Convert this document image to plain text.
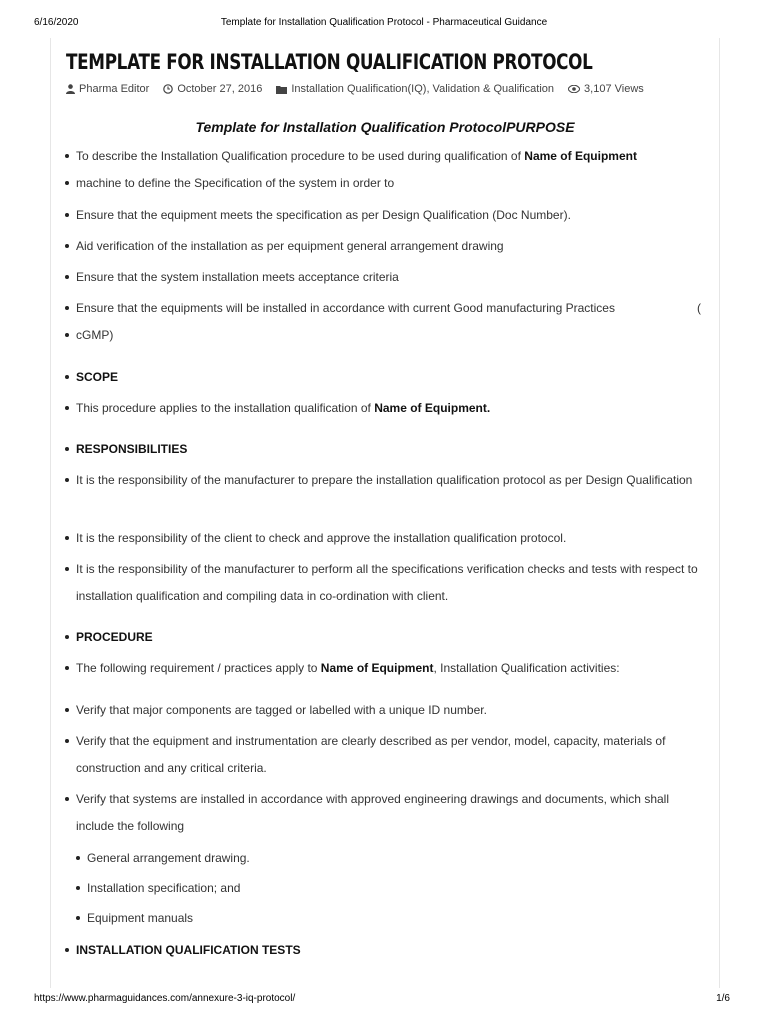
6/16/2020	Template for Installation Qualification Protocol - Pharmaceutical Guidance
TEMPLATE FOR INSTALLATION QUALIFICATION PROTOCOL
Pharma Editor	October 27, 2016	Installation Qualification(IQ), Validation & Qualification	3,107 Views
Template for Installation Qualification ProtocolPURPOSE
To describe the Installation Qualification procedure to be used during qualification of Name of Equipment
machine to define the Specification of the system in order to
Ensure that the equipment meets the specification as per Design Qualification (Doc Number).
Aid verification of the installation as per equipment general arrangement drawing
Ensure that the system installation meets acceptance criteria
Ensure that the equipments will be installed in accordance with current Good manufacturing Practices	(
cGMP)
SCOPE
This procedure applies to the installation qualification of Name of Equipment.
RESPONSIBILITIES
It is the responsibility of the manufacturer to prepare the installation qualification protocol as per Design Qualification
It is the responsibility of the client to check and approve the installation qualification protocol.
It is the responsibility of the manufacturer to perform all the specifications verification checks and tests with respect to installation qualification and compiling data in co-ordination with client.
PROCEDURE
The following requirement / practices apply to Name of Equipment, Installation Qualification activities:
Verify that major components are tagged or labelled with a unique ID number.
Verify that the equipment and instrumentation are clearly described as per vendor, model, capacity, materials of construction and any critical criteria.
Verify that systems are installed in accordance with approved engineering drawings and documents, which shall include the following
General arrangement drawing.
Installation specification; and
Equipment manuals
INSTALLATION QUALIFICATION TESTS
https://www.pharmaguidances.com/annexure-3-iq-protocol/	1/6
